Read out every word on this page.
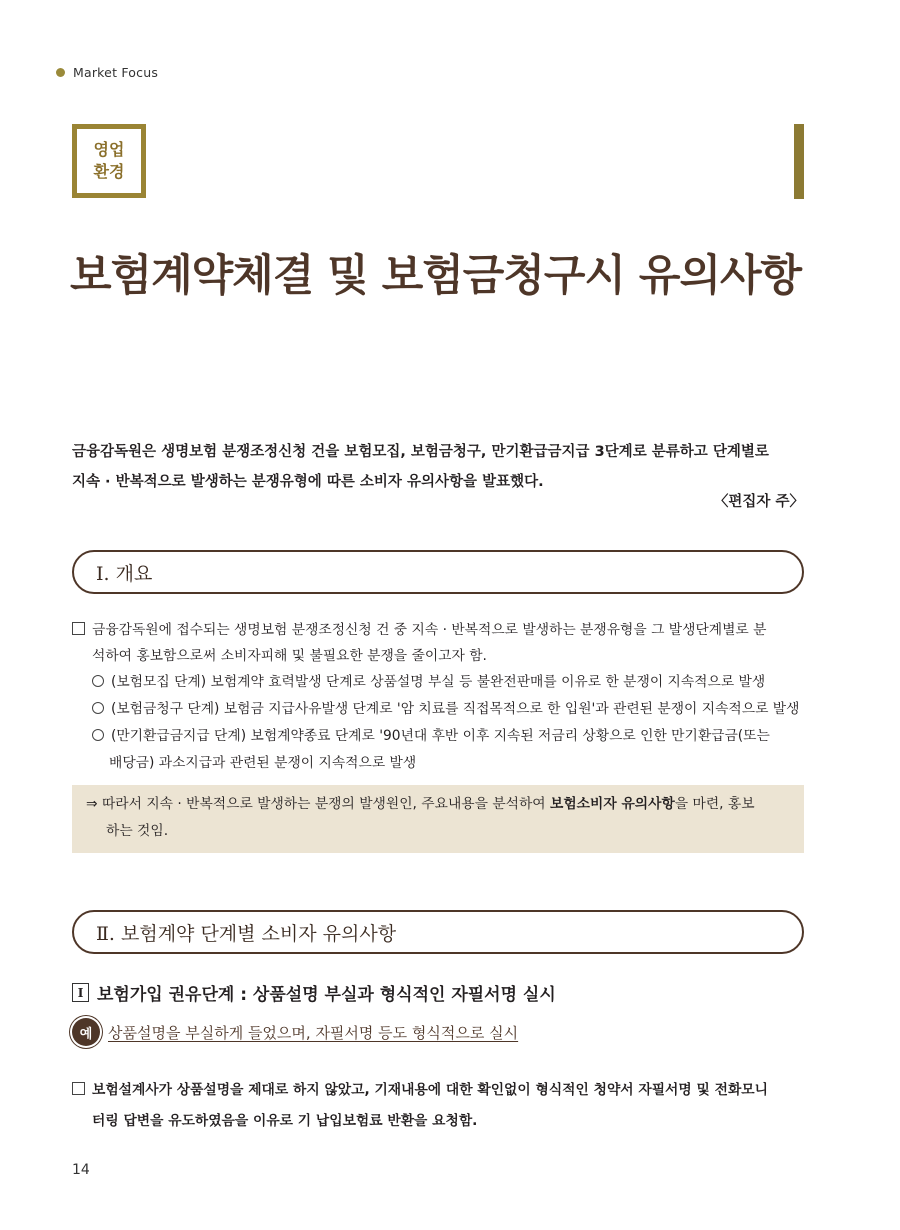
Market Focus
영업
환경
보험계약체결 및 보험금청구시 유의사항

금융감독원은 생명보험 분쟁조정신청 건을 보험모집, 보험금청구, 만기환급금지급 3단계로 분류하고 단계별로

지속 · 반복적으로 발생하는 분쟁유형에 따른 소비자 유의사항을 발표했다.

〈편집자 주〉
Ⅰ. 개요
금융감독원에 접수되는 생명보험 분쟁조정신청 건 중 지속 · 반복적으로 발생하는 분쟁유형을 그 발생단계별로 분
석하여 홍보함으로써 소비자피해 및 불필요한 분쟁을 줄이고자 함.
(보험모집 단계) 보험계약 효력발생 단계로 상품설명 부실 등 불완전판매를 이유로 한 분쟁이 지속적으로 발생
(보험금청구 단계) 보험금 지급사유발생 단계로 '암 치료를 직접목적으로 한 입원'과 관련된 분쟁이 지속적으로 발생
(만기환급금지급 단계) 보험계약종료 단계로 '90년대 후반 이후 지속된 저금리 상황으로 인한 만기환급금(또는
배당금) 과소지급과 관련된 분쟁이 지속적으로 발생
⇒ 따라서 지속 · 반복적으로 발생하는 분쟁의 발생원인, 주요내용을 분석하여 보험소비자 유의사항을 마련, 홍보
하는 것임.
Ⅱ. 보험계약 단계별 소비자 유의사항
Ⅰ 보험가입 권유단계 : 상품설명 부실과 형식적인 자필서명 실시
예	상품설명을 부실하게 들었으며, 자필서명 등도 형식적으로 실시
보험설계사가 상품설명을 제대로 하지 않았고, 기재내용에 대한 확인없이 형식적인 청약서 자필서명 및 전화모니
터링 답변을 유도하였음을 이유로 기 납입보험료 반환을 요청함.
14
